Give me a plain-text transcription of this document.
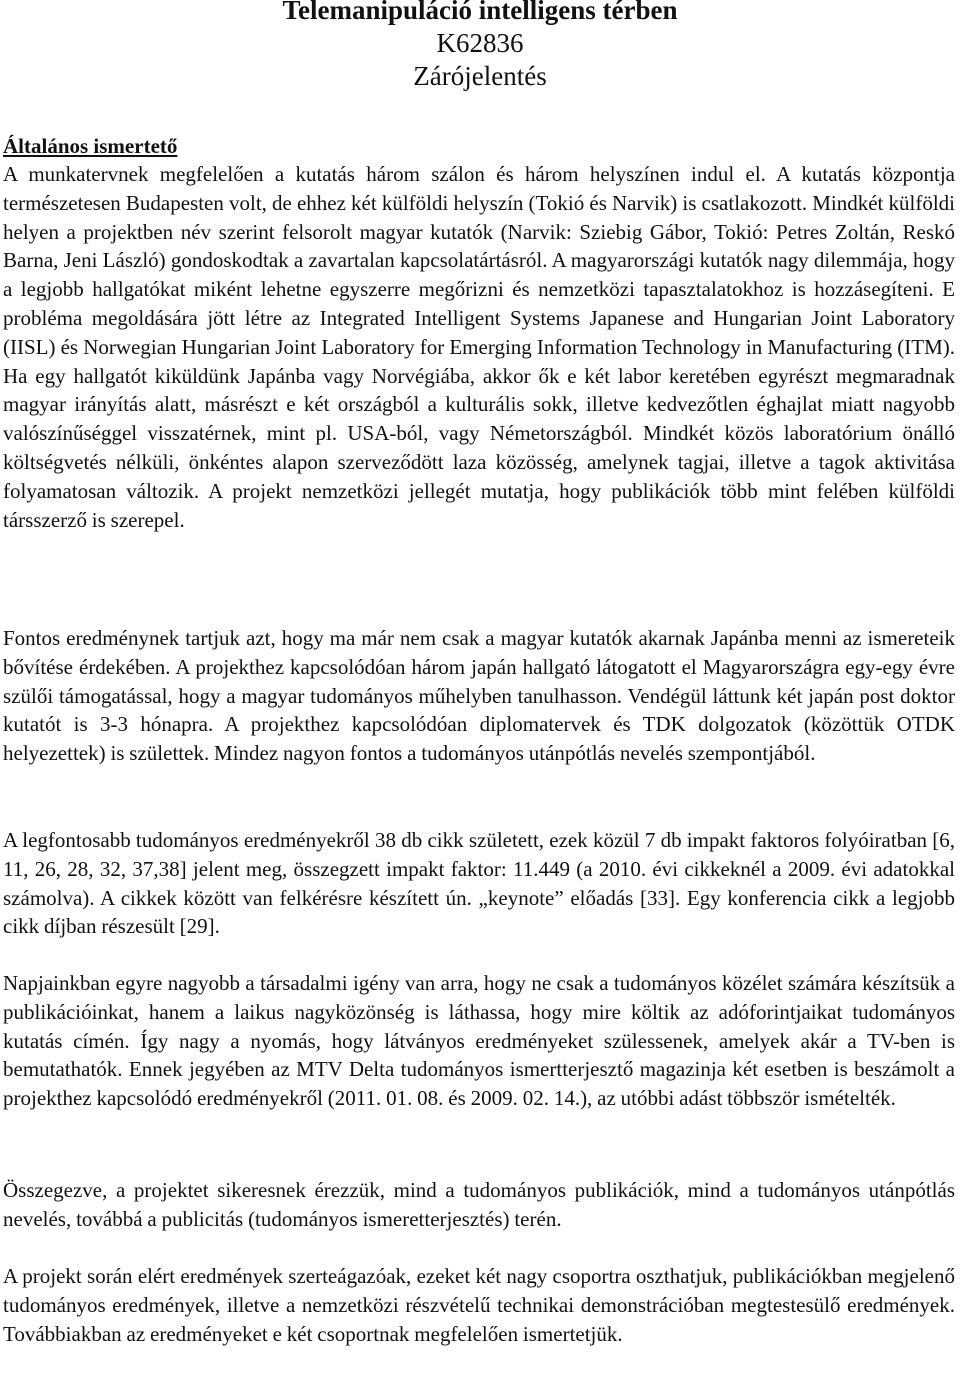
Telemanipuláció intelligens térben
K62836
Zárójelentés
Általános ismertető

A munkatervnek megfelelően a kutatás három szálon és három helyszínen indul el. A kutatás központja természetesen Budapesten volt, de ehhez két külföldi helyszín (Tokió és Narvik) is csatlakozott. Mindkét külföldi helyen a projektben név szerint felsorolt magyar kutatók (Narvik: Sziebig Gábor, Tokió: Petres Zoltán, Reskó Barna, Jeni László) gondoskodtak a zavartalan kapcsolatártásról. A magyarországi kutatók nagy dilemmája, hogy a legjobb hallgatókat miként lehetne egyszerre megőrizni és nemzetközi tapasztalatokhoz is hozzásegíteni. E probléma megoldására jött létre az Integrated Intelligent Systems Japanese and Hungarian Joint Laboratory (IISL) és Norwegian Hungarian Joint Laboratory for Emerging Information Technology in Manufacturing (ITM). Ha egy hallgatót kiküldünk Japánba vagy Norvégiába, akkor ők e két labor keretében egyrészt megmaradnak magyar irányítás alatt, másrészt e két országból a kulturális sokk, illetve kedvezőtlen éghajlat miatt nagyobb valószínűséggel visszatérnek, mint pl. USA-ból, vagy Németországból. Mindkét közös laboratórium önálló költségvetés nélküli, önkéntes alapon szerveződött laza közösség, amelynek tagjai, illetve a tagok aktivitása folyamatosan változik. A projekt nemzetközi jellegét mutatja, hogy publikációk több mint felében külföldi társszerző is szerepel.

Fontos eredménynek tartjuk azt, hogy ma már nem csak a magyar kutatók akarnak Japánba menni az ismereteik bővítése érdekében. A projekthez kapcsolódóan három japán hallgató látogatott el Magyarországra egy-egy évre szülői támogatással, hogy a magyar tudományos műhelyben tanulhasson. Vendégül láttunk két japán post doktor kutatót is 3-3 hónapra. A projekthez kapcsolódóan diplomatervek és TDK dolgozatok (közöttük OTDK helyezettek) is születtek. Mindez nagyon fontos a tudományos utánpótlás nevelés szempontjából.

A legfontosabb tudományos eredményekről 38 db cikk született, ezek közül 7 db impakt faktoros folyóiratban [6, 11, 26, 28, 32, 37,38] jelent meg, összegzett impakt faktor: 11.449 (a 2010. évi cikkeknél a 2009. évi adatokkal számolva). A cikkek között van felkérésre készített ún. „keynote” előadás [33]. Egy konferencia cikk a legjobb cikk díjban részesült [29].

Napjainkban egyre nagyobb a társadalmi igény van arra, hogy ne csak a tudományos közélet számára készítsük a publikációinkat, hanem a laikus nagyközönség is láthassa, hogy mire költik az adóforintjaikat tudományos kutatás címén. Így nagy a nyomás, hogy látványos eredményeket szülessenek, amelyek akár a TV-ben is bemutathatók. Ennek jegyében az MTV Delta tudományos ismertterjesztő magazinja két esetben is beszámolt a projekthez kapcsolódó eredményekről (2011. 01. 08. és 2009. 02. 14.), az utóbbi adást többször ismételték.

Összegezve, a projektet sikeresnek érezzük, mind a tudományos publikációk, mind a tudományos utánpótlás nevelés, továbbá a publicitás (tudományos ismeretterjesztés) terén.

A projekt során elért eredmények szerteágazóak, ezeket két nagy csoportra oszthatjuk, publikációkban megjelenő tudományos eredmények, illetve a nemzetközi részvételű technikai demonstrációban megtestesülő eredmények. Továbbiakban az eredményeket e két csoportnak megfelelően ismertetjük.
